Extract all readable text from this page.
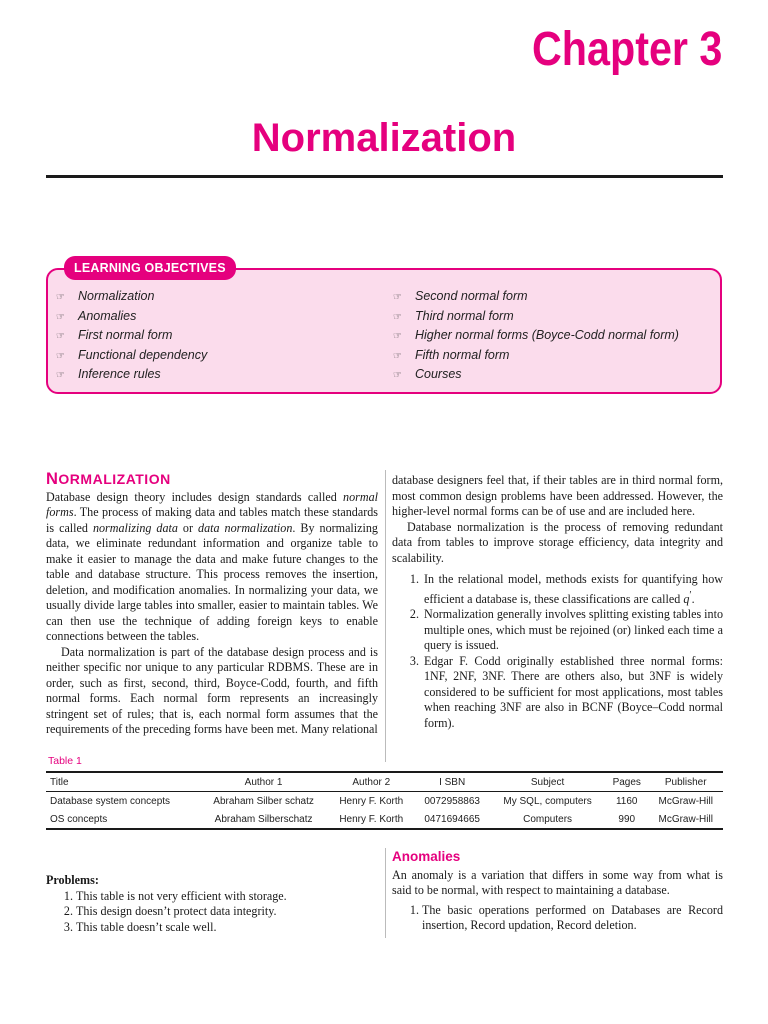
Chapter 3
Normalization
LEARNING OBJECTIVES
☞ Normalization
☞ Anomalies
☞ First normal form
☞ Functional dependency
☞ Inference rules
☞ Second normal form
☞ Third normal form
☞ Higher normal forms (Boyce-Codd normal form)
☞ Fifth normal form
☞ Courses
NORMALIZATION

Database design theory includes design standards called normal forms. The process of making data and tables match these standards is called normalizing data or data normalization. By normalizing data, we eliminate redundant information and organize table to make it easier to manage the data and make future changes to the table and database structure. This process removes the insertion, deletion, and modification anomalies. In normalizing your data, we usually divide large tables into smaller, easier to maintain tables. We can then use the technique of adding foreign keys to enable connections between the tables.

Data normalization is part of the database design process and is neither specific nor unique to any particular RDBMS. These are in order, such as first, second, third, Boyce-Codd, fourth, and fifth normal forms. Each normal form represents an increasingly stringent set of rules; that is, each normal form assumes that the requirements of the preceding forms have been met. Many relational

database designers feel that, if their tables are in third normal form, most common design problems have been addressed. However, the higher-level normal forms can be of use and are included here.

Database normalization is the process of removing redundant data from tables to improve storage efficiency, data integrity and scalability.

1. In the relational model, methods exists for quantifying how efficient a database is, these classifications are called q′.
2. Normalization generally involves splitting existing tables into multiple ones, which must be rejoined (or) linked each time a query is issued.
3. Edgar F. Codd originally established three normal forms: 1NF, 2NF, 3NF. There are others also, but 3NF is widely considered to be sufficient for most applications, most tables when reaching 3NF are also in BCNF (Boyce–Codd normal form).
Table 1
Title	Author 1	Author 2	I SBN	Subject	Pages	Publisher
Database system concepts	Abraham Silber schatz	Henry F. Korth	0072958863	My SQL, computers	1160	McGraw-Hill
OS concepts	Abraham Silberschatz	Henry F. Korth	0471694665	Computers	990	McGraw-Hill
Problems:
1. This table is not very efficient with storage.
2. This design doesn’t protect data integrity.
3. This table doesn’t scale well.
Anomalies

An anomaly is a variation that differs in some way from what is said to be normal, with respect to maintaining a database.

1. The basic operations performed on Databases are Record insertion, Record updation, Record deletion.
